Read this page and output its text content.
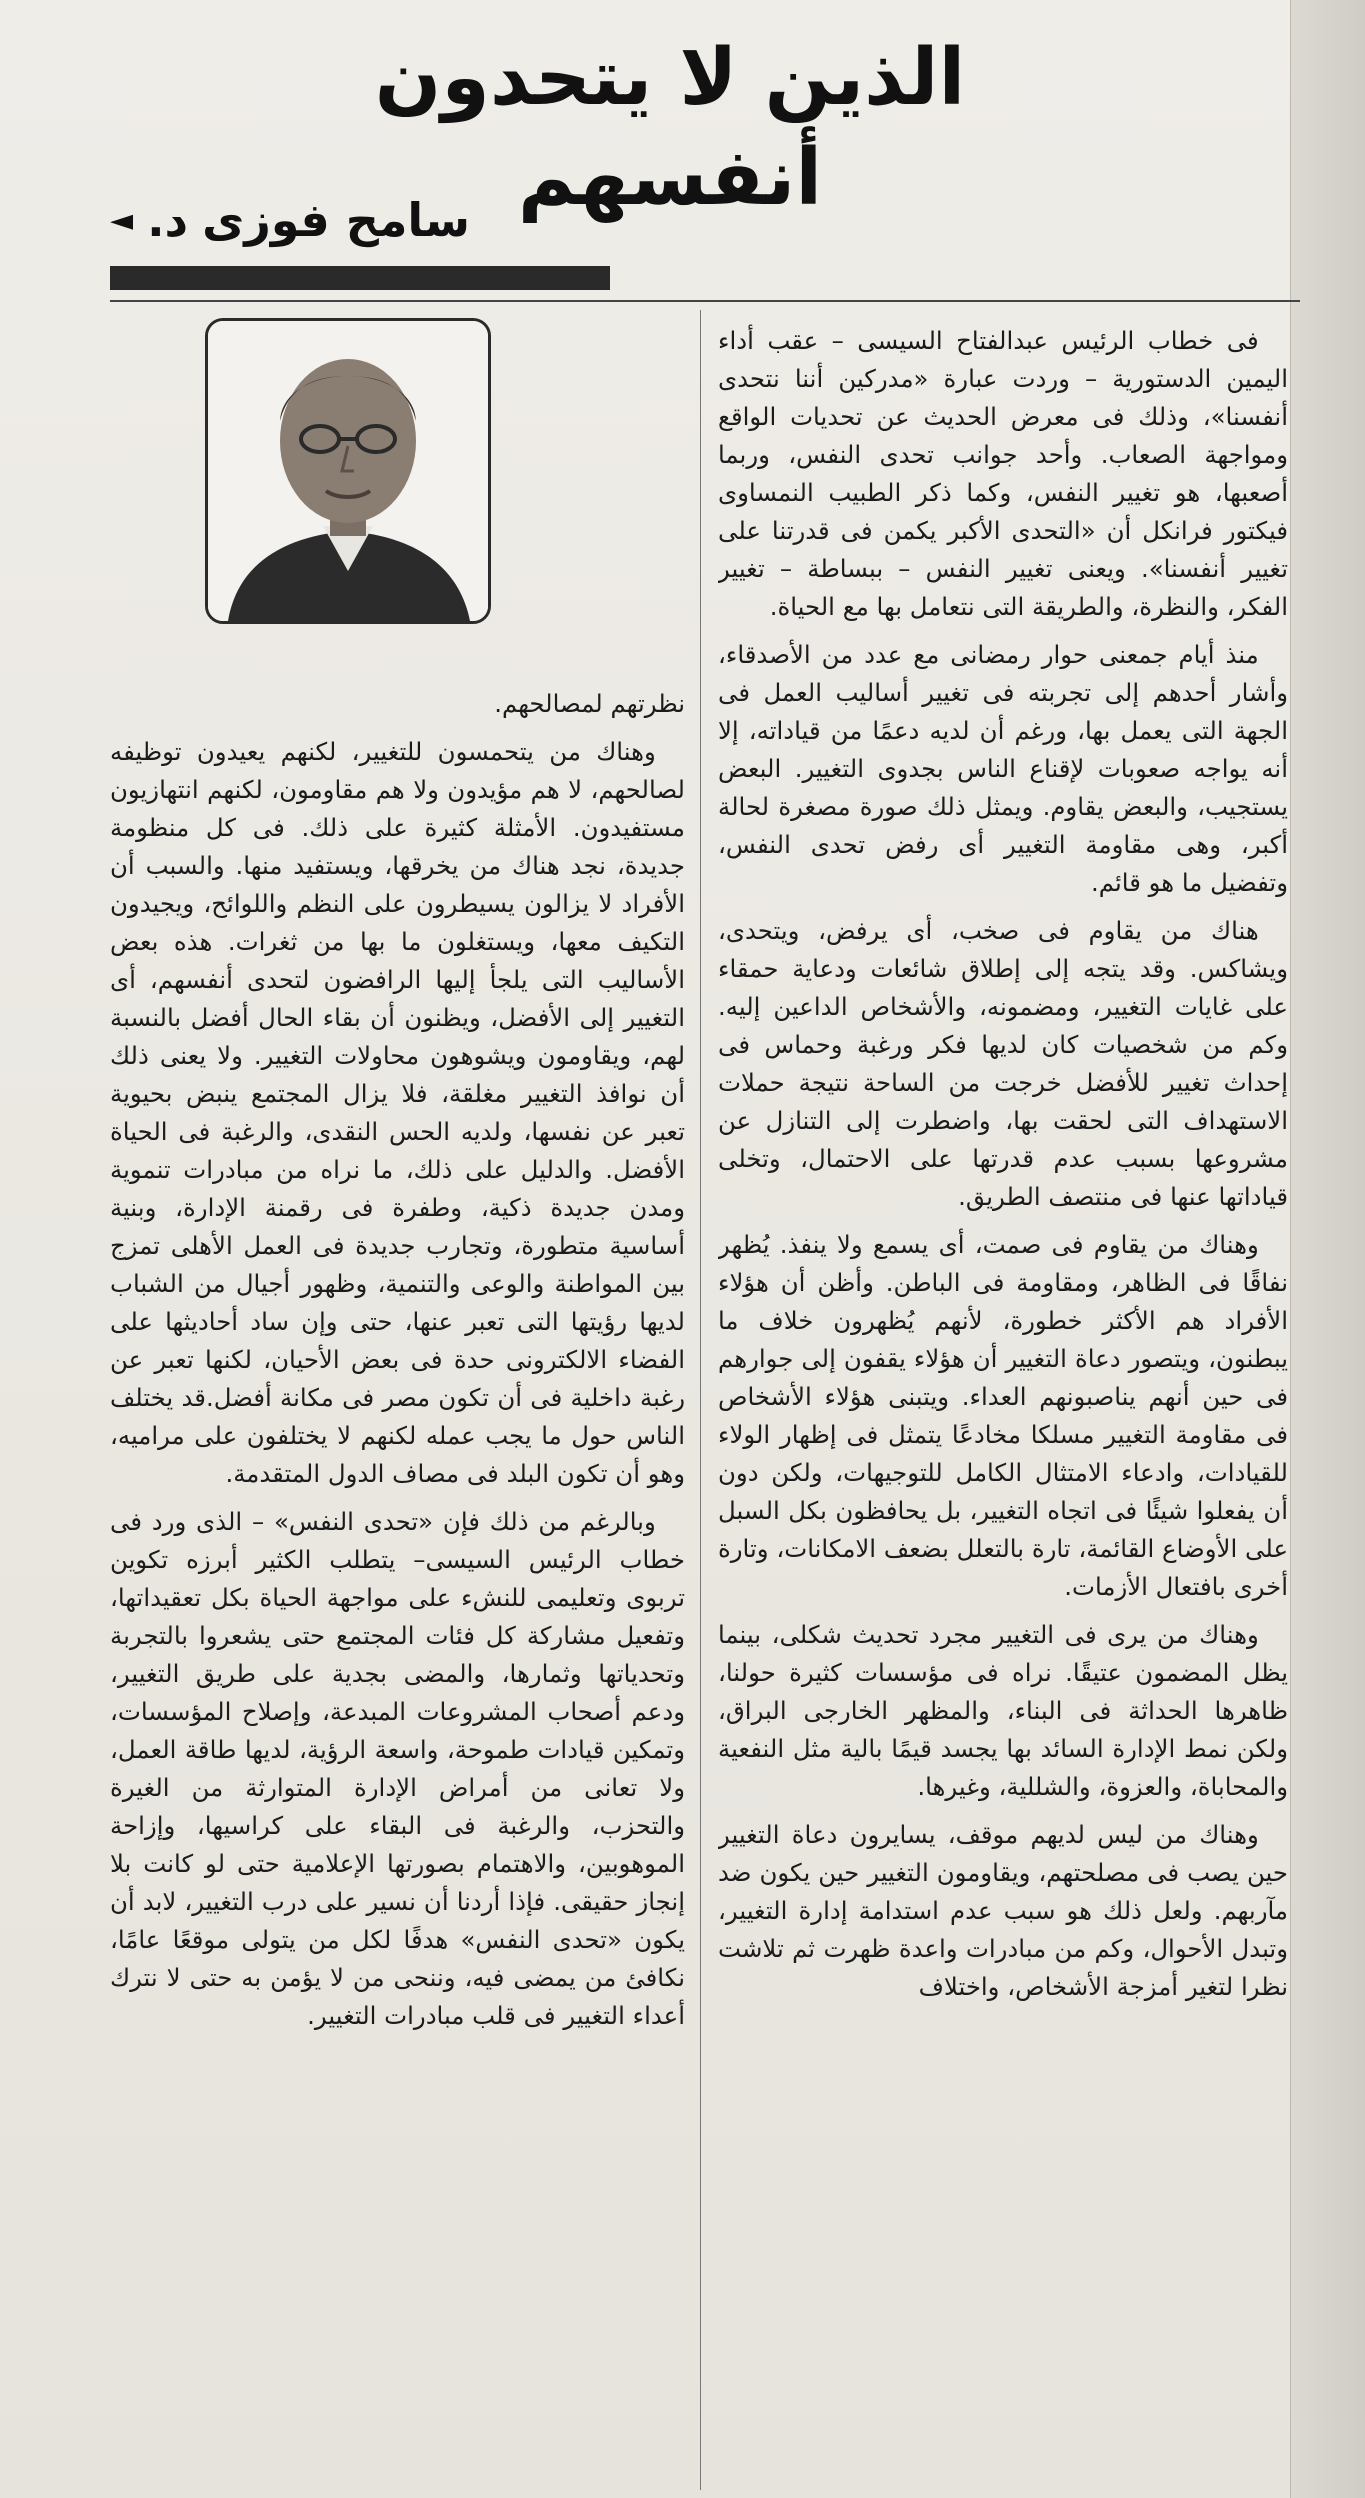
الذين لا يتحدون أنفسهم
سامح فوزى
د.
◄

فى خطاب الرئيس عبدالفتاح السيسى – عقب أداء اليمين الدستورية – وردت عبارة «مدركين أننا نتحدى أنفسنا»، وذلك فى معرض الحديث عن تحديات الواقع ومواجهة الصعاب. وأحد جوانب تحدى النفس، وربما أصعبها، هو تغيير النفس، وكما ذكر الطبيب النمساوى فيكتور فرانكل أن «التحدى الأكبر يكمن فى قدرتنا على تغيير أنفسنا». ويعنى تغيير النفس – ببساطة – تغيير الفكر، والنظرة، والطريقة التى نتعامل بها مع الحياة.

منذ أيام جمعنى حوار رمضانى مع عدد من الأصدقاء، وأشار أحدهم إلى تجربته فى تغيير أساليب العمل فى الجهة التى يعمل بها، ورغم أن لديه دعمًا من قياداته، إلا أنه يواجه صعوبات لإقناع الناس بجدوى التغيير. البعض يستجيب، والبعض يقاوم. ويمثل ذلك صورة مصغرة لحالة أكبر، وهى مقاومة التغيير أى رفض تحدى النفس، وتفضيل ما هو قائم.

هناك من يقاوم فى صخب، أى يرفض، ويتحدى، ويشاكس. وقد يتجه إلى إطلاق شائعات ودعاية حمقاء على غايات التغيير، ومضمونه، والأشخاص الداعين إليه. وكم من شخصيات كان لديها فكر ورغبة وحماس فى إحداث تغيير للأفضل خرجت من الساحة نتيجة حملات الاستهداف التى لحقت بها، واضطرت إلى التنازل عن مشروعها بسبب عدم قدرتها على الاحتمال، وتخلى قياداتها عنها فى منتصف الطريق.

وهناك من يقاوم فى صمت، أى يسمع ولا ينفذ. يُظهر نفاقًا فى الظاهر، ومقاومة فى الباطن. وأظن أن هؤلاء الأفراد هم الأكثر خطورة، لأنهم يُظهرون خلاف ما يبطنون، ويتصور دعاة التغيير أن هؤلاء يقفون إلى جوارهم فى حين أنهم يناصبونهم العداء. ويتبنى هؤلاء الأشخاص فى مقاومة التغيير مسلكا مخادعًا يتمثل فى إظهار الولاء للقيادات، وادعاء الامتثال الكامل للتوجيهات، ولكن دون أن يفعلوا شيئًا فى اتجاه التغيير، بل يحافظون بكل السبل على الأوضاع القائمة، تارة بالتعلل بضعف الامكانات، وتارة أخرى بافتعال الأزمات.

وهناك من يرى فى التغيير مجرد تحديث شكلى، بينما يظل المضمون عتيقًا. نراه فى مؤسسات كثيرة حولنا، ظاهرها الحداثة فى البناء، والمظهر الخارجى البراق، ولكن نمط الإدارة السائد بها يجسد قيمًا بالية مثل النفعية والمحاباة، والعزوة، والشللية، وغيرها.

وهناك من ليس لديهم موقف، يسايرون دعاة التغيير حين يصب فى مصلحتهم، ويقاومون التغيير حين يكون ضد مآربهم. ولعل ذلك هو سبب عدم استدامة إدارة التغيير، وتبدل الأحوال، وكم من مبادرات واعدة ظهرت ثم تلاشت نظرا لتغير أمزجة الأشخاص، واختلاف

نظرتهم لمصالحهم.

وهناك من يتحمسون للتغيير، لكنهم يعيدون توظيفه لصالحهم، لا هم مؤيدون ولا هم مقاومون، لكنهم انتهازيون مستفيدون. الأمثلة كثيرة على ذلك. فى كل منظومة جديدة، نجد هناك من يخرقها، ويستفيد منها. والسبب أن الأفراد لا يزالون يسيطرون على النظم واللوائح، ويجيدون التكيف معها، ويستغلون ما بها من ثغرات. هذه بعض الأساليب التى يلجأ إليها الرافضون لتحدى أنفسهم، أى التغيير إلى الأفضل، ويظنون أن بقاء الحال أفضل بالنسبة لهم، ويقاومون ويشوهون محاولات التغيير. ولا يعنى ذلك أن نوافذ التغيير مغلقة، فلا يزال المجتمع ينبض بحيوية تعبر عن نفسها، ولديه الحس النقدى، والرغبة فى الحياة الأفضل. والدليل على ذلك، ما نراه من مبادرات تنموية ومدن جديدة ذكية، وطفرة فى رقمنة الإدارة، وبنية أساسية متطورة، وتجارب جديدة فى العمل الأهلى تمزج بين المواطنة والوعى والتنمية، وظهور أجيال من الشباب لديها رؤيتها التى تعبر عنها، حتى وإن ساد أحاديثها على الفضاء الالكترونى حدة فى بعض الأحيان، لكنها تعبر عن رغبة داخلية فى أن تكون مصر فى مكانة أفضل.قد يختلف الناس حول ما يجب عمله لكنهم لا يختلفون على مراميه، وهو أن تكون البلد فى مصاف الدول المتقدمة.

وبالرغم من ذلك فإن «تحدى النفس» – الذى ورد فى خطاب الرئيس السيسى– يتطلب الكثير أبرزه تكوين تربوى وتعليمى للنشء على مواجهة الحياة بكل تعقيداتها، وتفعيل مشاركة كل فئات المجتمع حتى يشعروا بالتجربة وتحدياتها وثمارها، والمضى بجدية على طريق التغيير، ودعم أصحاب المشروعات المبدعة، وإصلاح المؤسسات، وتمكين قيادات طموحة، واسعة الرؤية، لديها طاقة العمل، ولا تعانى من أمراض الإدارة المتوارثة من الغيرة والتحزب، والرغبة فى البقاء على كراسيها، وإزاحة الموهوبين، والاهتمام بصورتها الإعلامية حتى لو كانت بلا إنجاز حقيقى. فإذا أردنا أن نسير على درب التغيير، لابد أن يكون «تحدى النفس» هدفًا لكل من يتولى موقعًا عامًا، نكافئ من يمضى فيه، وننحى من لا يؤمن به حتى لا نترك أعداء التغيير فى قلب مبادرات التغيير.
